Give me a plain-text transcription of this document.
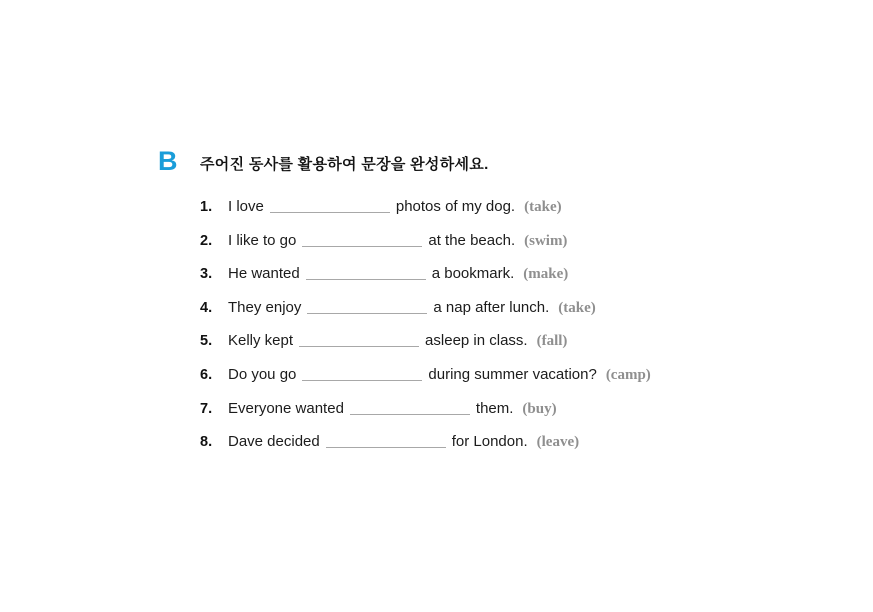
B	주어진 동사를 활용하여 문장을 완성하세요.
1. I love	photos of my dog. (take)
2. I like to go	at the beach. (swim)
3. He wanted	a bookmark. (make)
4. They enjoy	a nap after lunch. (take)
5. Kelly kept	asleep in class. (fall)
6. Do you go	during summer vacation? (camp)
7. Everyone wanted	them. (buy)
8. Dave decided	for London. (leave)
